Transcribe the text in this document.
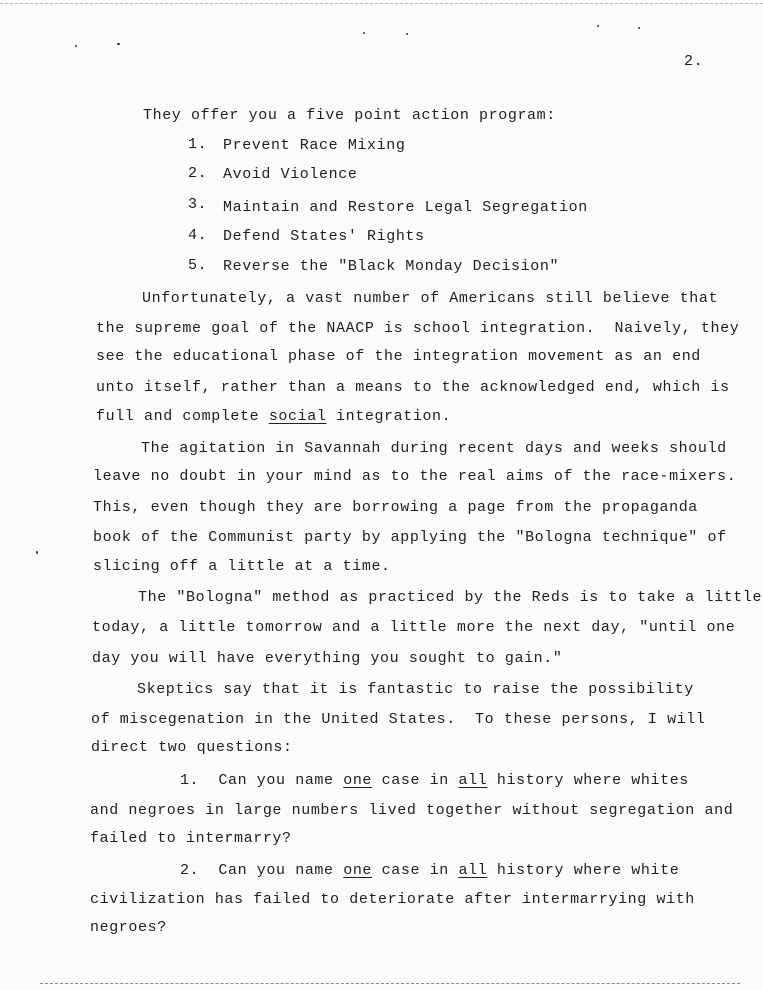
2.
They offer you a five point action program:
1. Prevent Race Mixing
2. Avoid Violence
3. Maintain and Restore Legal Segregation
4. Defend States' Rights
5. Reverse the "Black Monday Decision"
Unfortunately, a vast number of Americans still believe that
the supreme goal of the NAACP is school integration.  Naively, they
see the educational phase of the integration movement as an end
unto itself, rather than a means to the acknowledged end, which is
full and complete social integration.
The agitation in Savannah during recent days and weeks should
leave no doubt in your mind as to the real aims of the race-mixers.
This, even though they are borrowing a page from the propaganda
book of the Communist party by applying the "Bologna technique" of
slicing off a little at a time.
The "Bologna" method as practiced by the Reds is to take a little
today, a little tomorrow and a little more the next day, "until one
day you will have everything you sought to gain."
Skeptics say that it is fantastic to raise the possibility
of miscegenation in the United States.  To these persons, I will
direct two questions:
1. Can you name one case in all history where whites
and negroes in large numbers lived together without segregation and
failed to intermarry?
2. Can you name one case in all history where white
civilization has failed to deteriorate after intermarrying with
negroes?
